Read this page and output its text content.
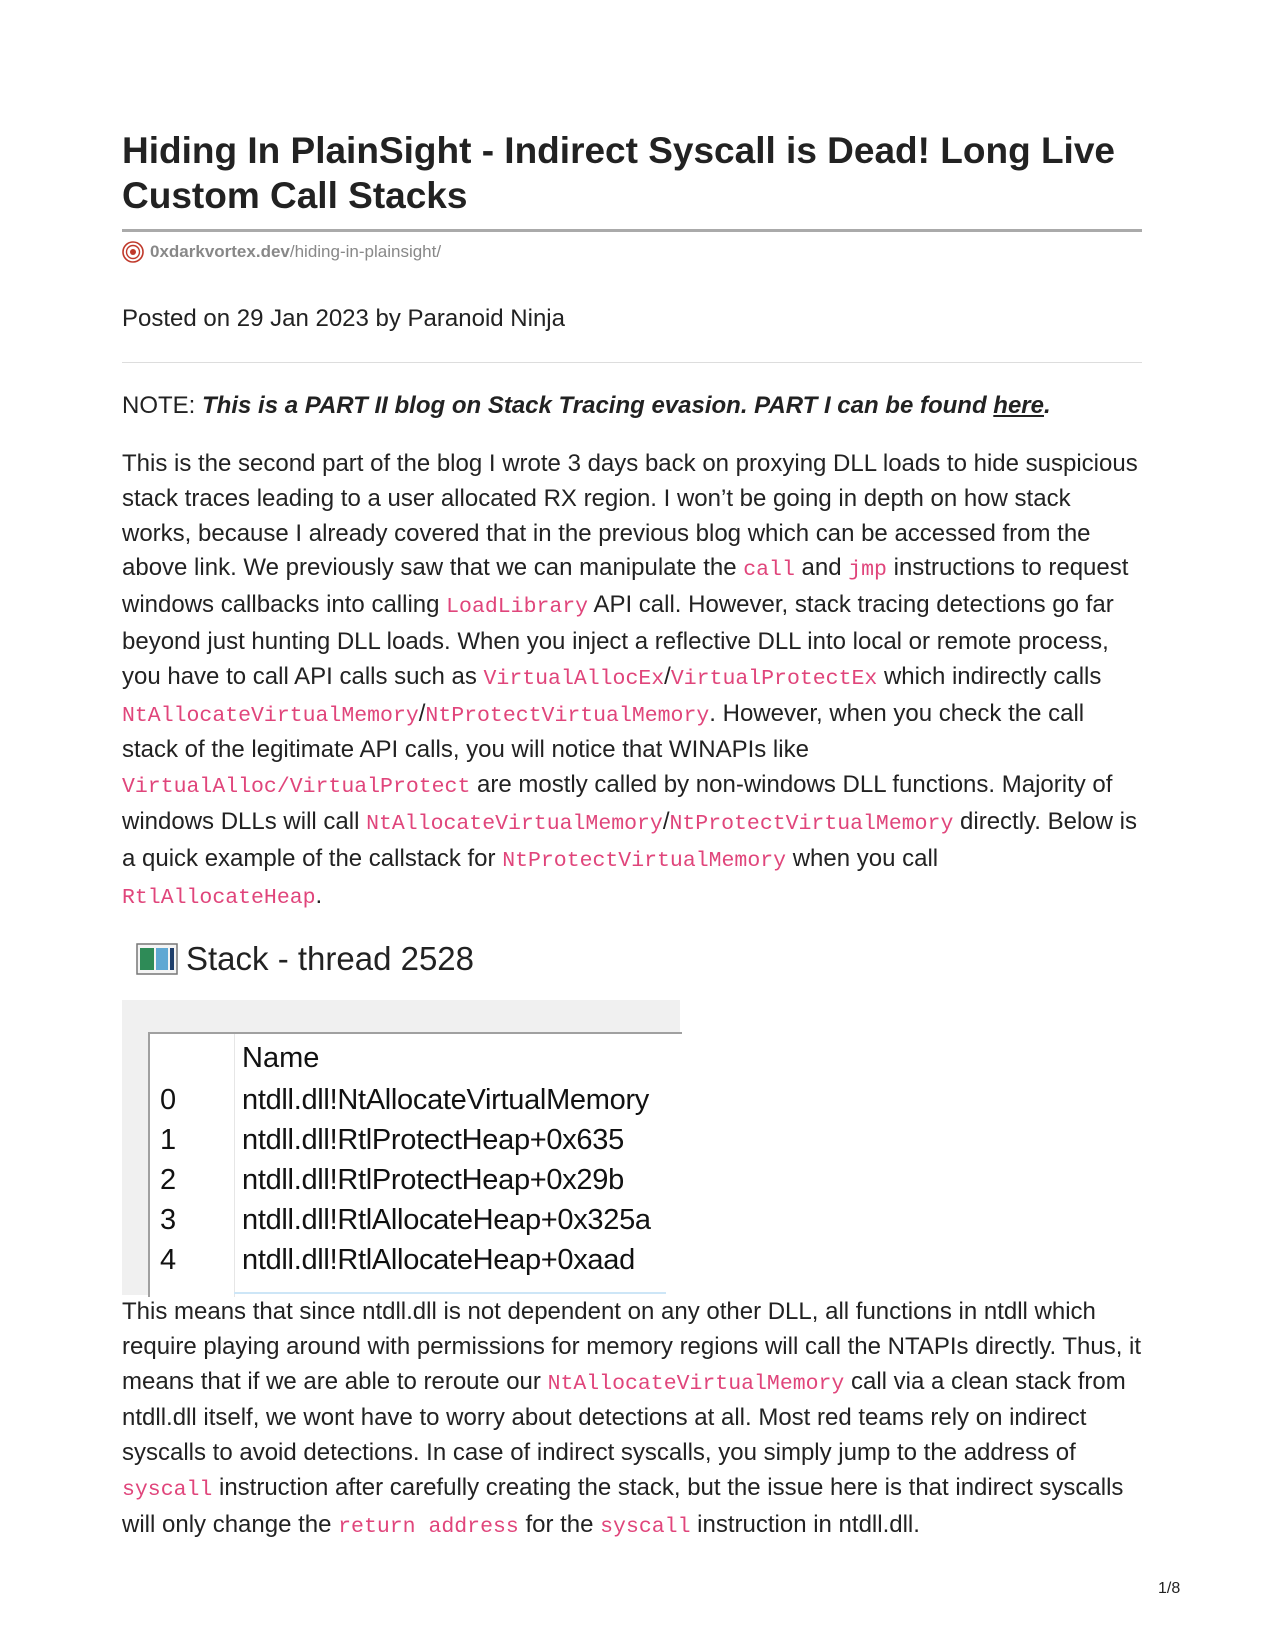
Hiding In PlainSight - Indirect Syscall is Dead! Long Live Custom Call Stacks
0xdarkvortex.dev /hiding-in-plainsight/
Posted on 29 Jan 2023 by Paranoid Ninja
NOTE: This is a PART II blog on Stack Tracing evasion. PART I can be found here.

This is the second part of the blog I wrote 3 days back on proxying DLL loads to hide suspicious stack traces leading to a user allocated RX region. I won’t be going in depth on how stack works, because I already covered that in the previous blog which can be accessed from the above link. We previously saw that we can manipulate the call and jmp instructions to request windows callbacks into calling LoadLibrary API call. However, stack tracing detections go far beyond just hunting DLL loads. When you inject a reflective DLL into local or remote process, you have to call API calls such as VirtualAllocEx/VirtualProtectEx which indirectly calls NtAllocateVirtualMemory/NtProtectVirtualMemory. However, when you check the call stack of the legitimate API calls, you will notice that WINAPIs like VirtualAlloc/VirtualProtect are mostly called by non-windows DLL functions. Majority of windows DLLs will call NtAllocateVirtualMemory/NtProtectVirtualMemory directly. Below is a quick example of the callstack for NtProtectVirtualMemory when you call RtlAllocateHeap.

Stack - thread 2528
Name
0 ntdll.dll!NtAllocateVirtualMemory
1 ntdll.dll!RtlProtectHeap+0x635
2 ntdll.dll!RtlProtectHeap+0x29b
3 ntdll.dll!RtlAllocateHeap+0x325a
4 ntdll.dll!RtlAllocateHeap+0xaad

This means that since ntdll.dll is not dependent on any other DLL, all functions in ntdll which require playing around with permissions for memory regions will call the NTAPIs directly. Thus, it means that if we are able to reroute our NtAllocateVirtualMemory call via a clean stack from ntdll.dll itself, we wont have to worry about detections at all. Most red teams rely on indirect syscalls to avoid detections. In case of indirect syscalls, you simply jump to the address of syscall instruction after carefully creating the stack, but the issue here is that indirect syscalls will only change the return address for the syscall instruction in ntdll.dll.

1/8
